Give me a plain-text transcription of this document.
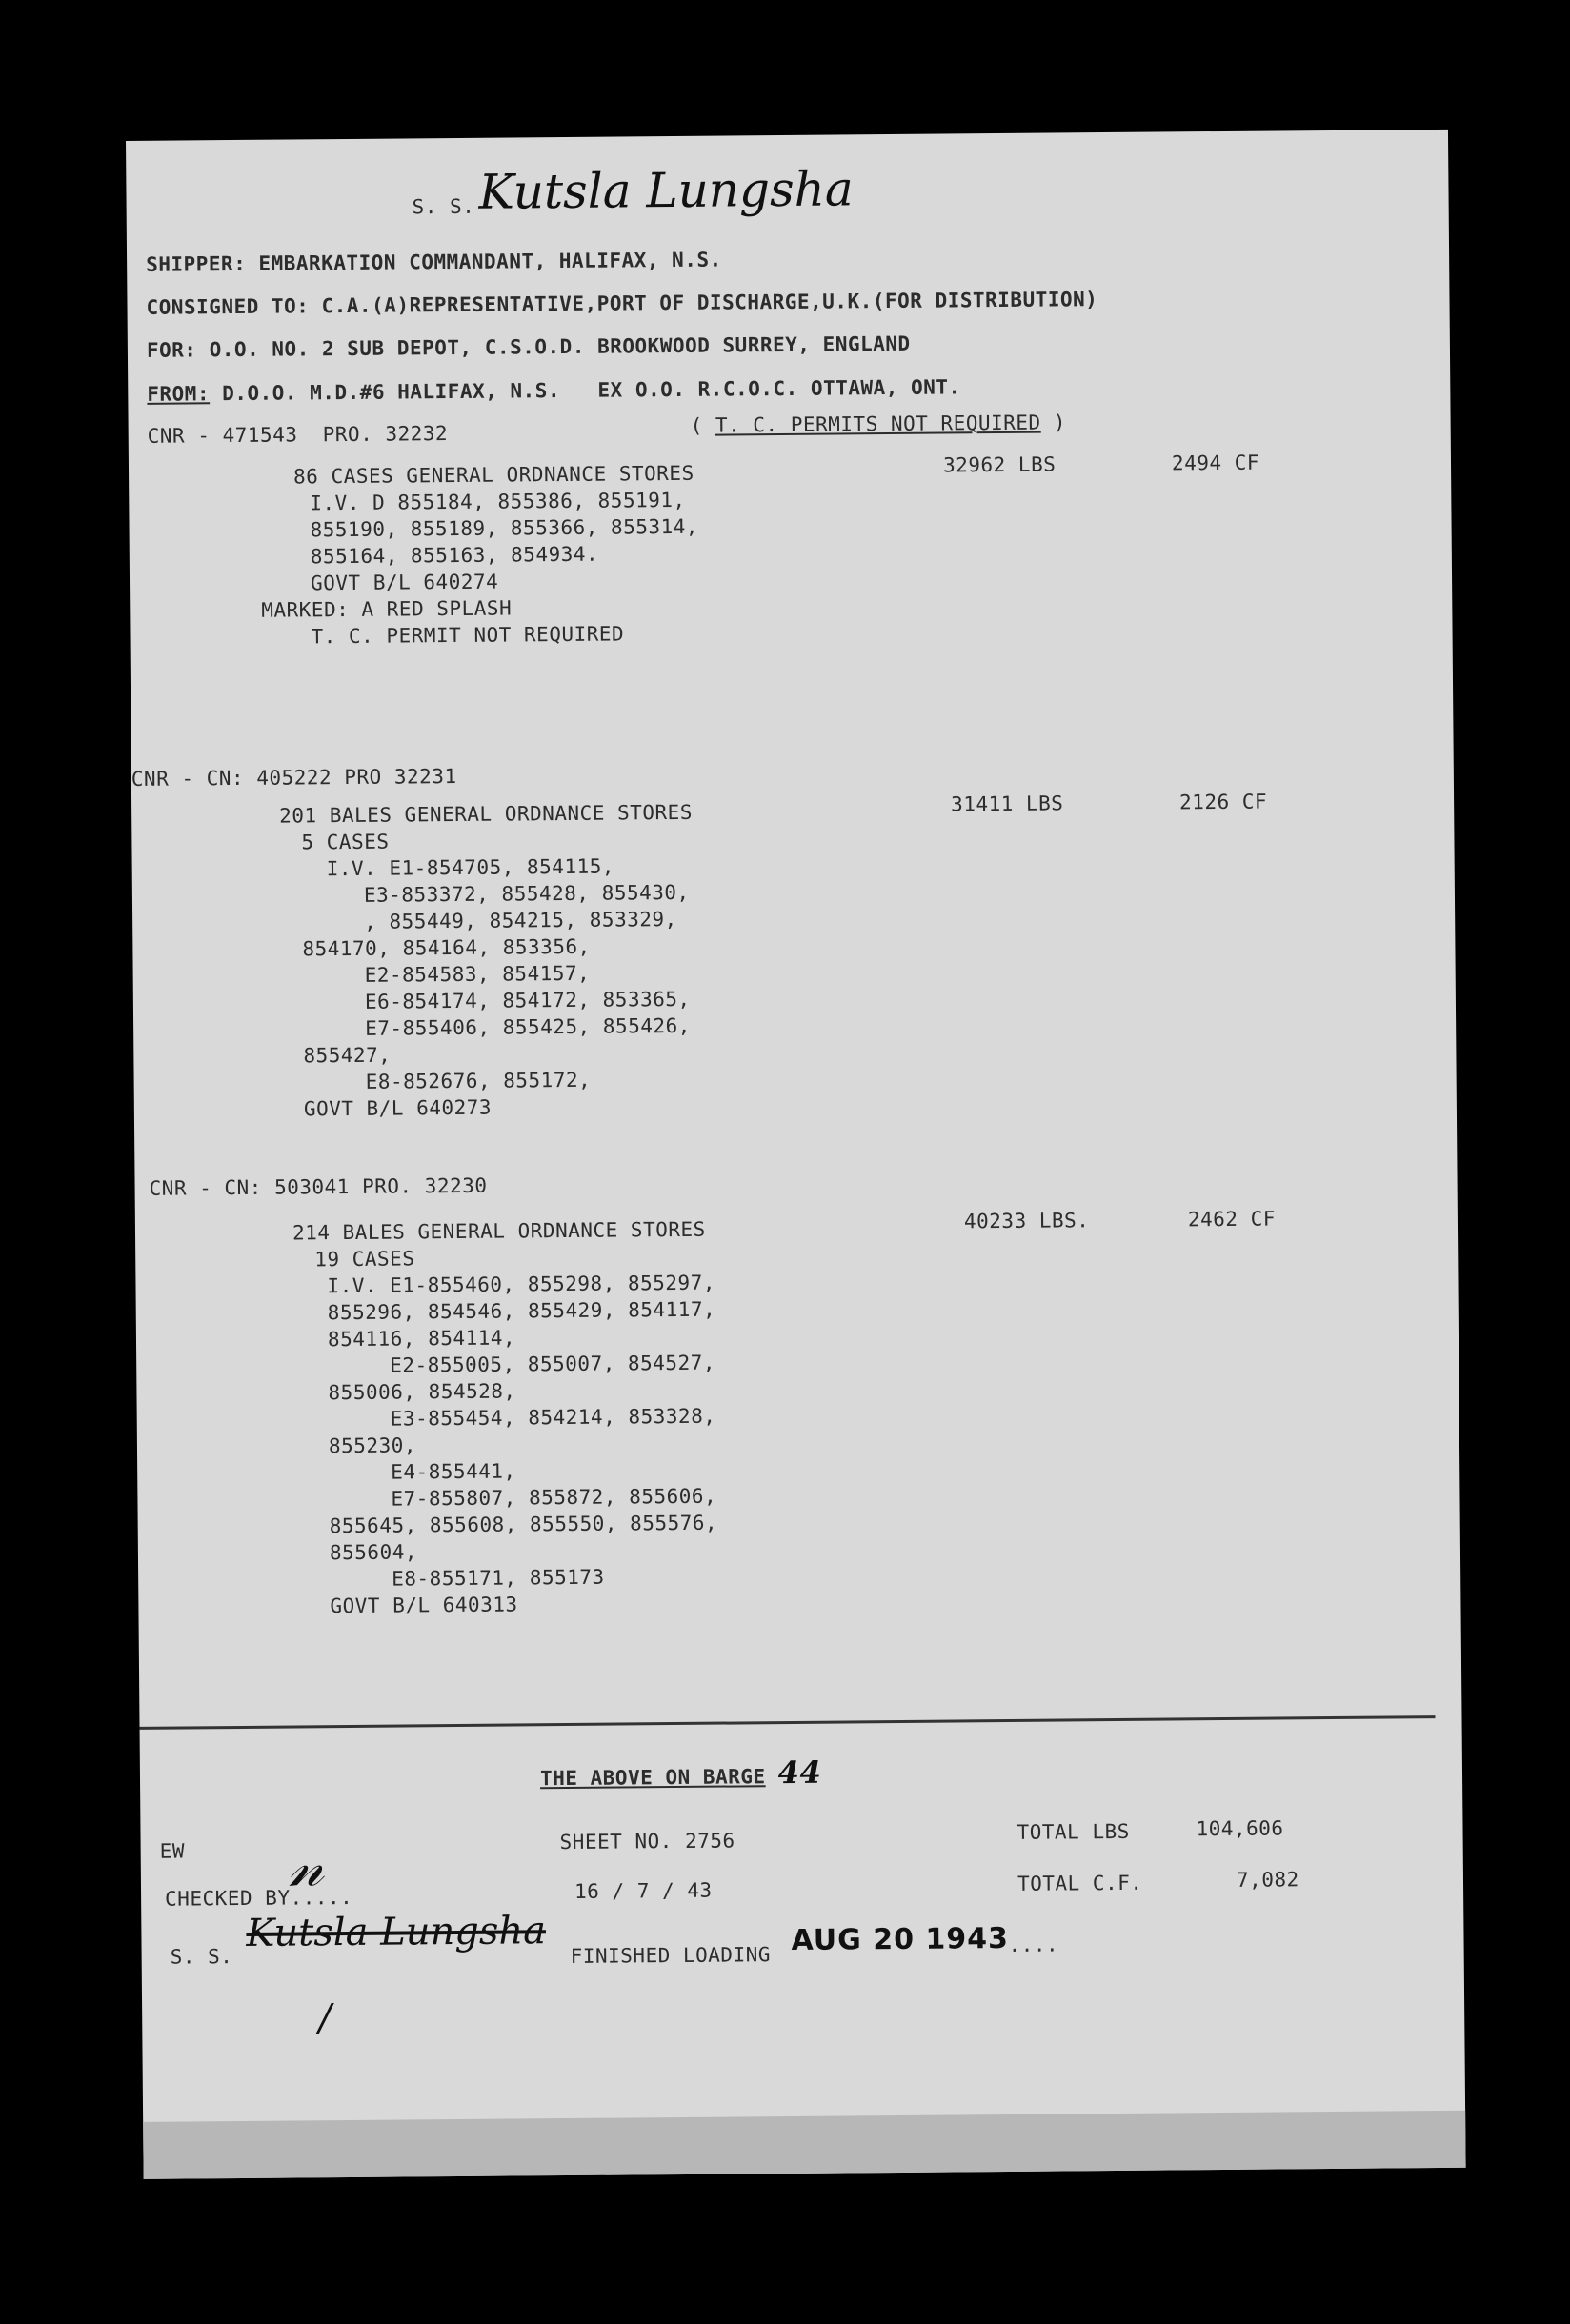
S. S. Kutsla Lungsha
SHIPPER: EMBARKATION COMMANDANT, HALIFAX, N.S.
CONSIGNED TO: C.A.(A)REPRESENTATIVE,PORT OF DISCHARGE,U.K.(FOR DISTRIBUTION)
FOR: O.O. NO. 2 SUB DEPOT, C.S.O.D. BROOKWOOD SURREY, ENGLAND
FROM: D.O.O. M.D.#6 HALIFAX, N.S.   EX O.O. R.C.O.C. OTTAWA, ONT.
CNR - 471543  PRO. 32232	( T. C. PERMITS NOT REQUIRED )
86 CASES GENERAL ORDNANCE STORES	32962 LBS	2494 CF
I.V. D 855184, 855386, 855191,
855190, 855189, 855366, 855314,
855164, 855163, 854934.
GOVT B/L 640274
MARKED: A RED SPLASH
T. C. PERMIT NOT REQUIRED
CNR - CN: 405222 PRO 32231
201 BALES GENERAL ORDNANCE STORES	31411 LBS	2126 CF
5 CASES
I.V. E1-854705, 854115,
E3-853372, 855428, 855430,
, 855449, 854215, 853329,
854170, 854164, 853356,
E2-854583, 854157,
E6-854174, 854172, 853365,
E7-855406, 855425, 855426,
855427,
E8-852676, 855172,
GOVT B/L 640273
CNR - CN: 503041 PRO. 32230
214 BALES GENERAL ORDNANCE STORES	40233 LBS.	2462 CF
19 CASES
I.V. E1-855460, 855298, 855297,
855296, 854546, 855429, 854117,
854116, 854114,
E2-855005, 855007, 854527,
855006, 854528,
E3-855454, 854214, 853328,
855230,
E4-855441,
E7-855807, 855872, 855606,
855645, 855608, 855550, 855576,
855604,
E8-855171, 855173
GOVT B/L 640313
THE ABOVE ON BARGE 44
EW	SHEET NO. 2756	TOTAL LBS	104,606
CHECKED BY.....
𝓃	16 / 7 / 43	TOTAL C.F.	7,082
S. S.
Kutsla Lungsha
/
FINISHED LOADING AUG 20 1943 ....
